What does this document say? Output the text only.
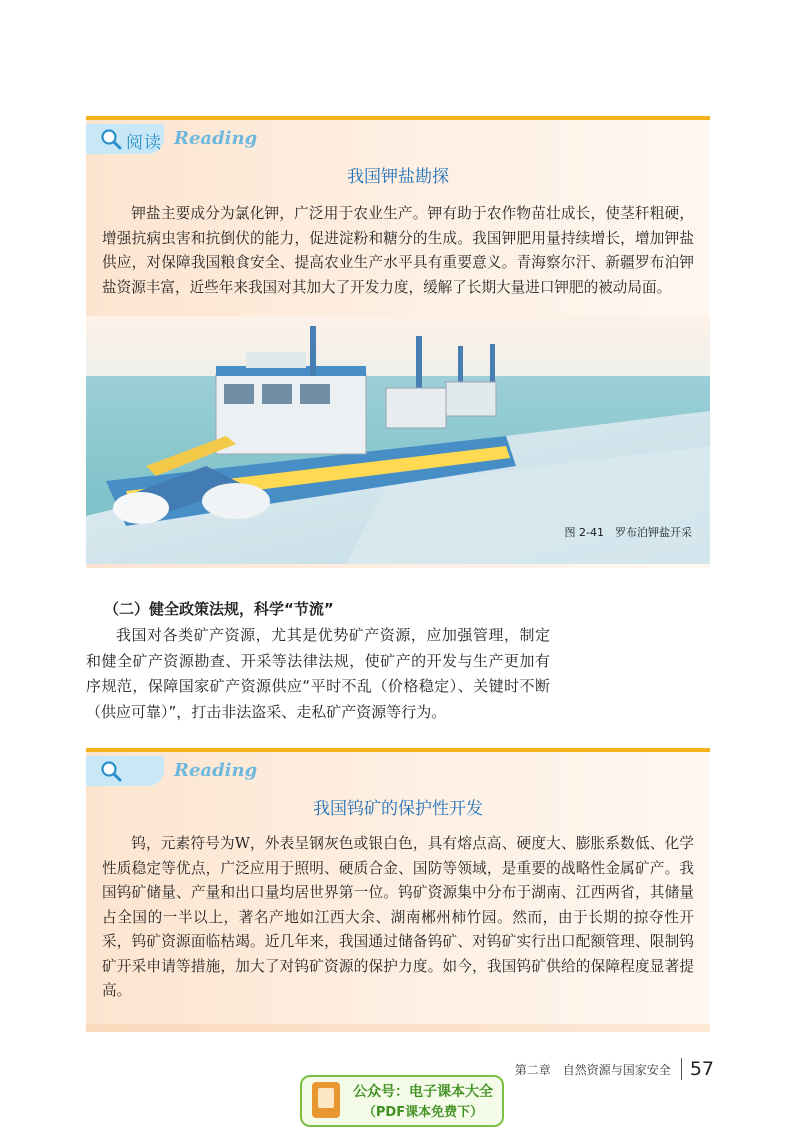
阅读 Reading
我国钾盐勘探

钾盐主要成分为氯化钾，广泛用于农业生产。钾有助于农作物苗壮成长，使茎秆粗硬，增强抗病虫害和抗倒伏的能力，促进淀粉和糖分的生成。我国钾肥用量持续增长，增加钾盐供应，对保障我国粮食安全、提高农业生产水平具有重要意义。青海察尔汗、新疆罗布泊钾盐资源丰富，近些年来我国对其加大了开发力度，缓解了长期大量进口钾肥的被动局面。

图 2-41　罗布泊钾盐开采
（二）健全政策法规，科学“节流”

我国对各类矿产资源，尤其是优势矿产资源，应加强管理，制定和健全矿产资源勘查、开采等法律法规，使矿产的开发与生产更加有序规范，保障国家矿产资源供应“平时不乱（价格稳定）、关键时不断（供应可靠）”，打击非法盗采、走私矿产资源等行为。

Reading
我国钨矿的保护性开发

钨，元素符号为W，外表呈钢灰色或银白色，具有熔点高、硬度大、膨胀系数低、化学性质稳定等优点，广泛应用于照明、硬质合金、国防等领域，是重要的战略性金属矿产。我国钨矿储量、产量和出口量均居世界第一位。钨矿资源集中分布于湖南、江西两省，其储量占全国的一半以上，著名产地如江西大余、湖南郴州柿竹园。然而，由于长期的掠夺性开采，钨矿资源面临枯竭。近几年来，我国通过储备钨矿、对钨矿实行出口配额管理、限制钨矿开采申请等措施，加大了对钨矿资源的保护力度。如今，我国钨矿供给的保障程度显著提高。

第二章　自然资源与国家安全 57
公众号：电子课本大全
（PDF课本免费下）
